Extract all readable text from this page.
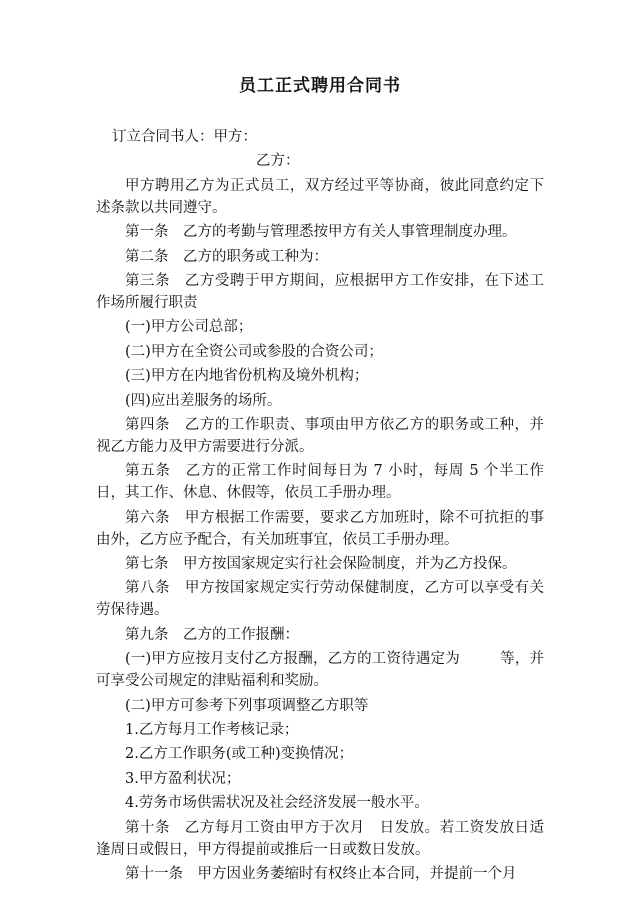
员工正式聘用合同书
订立合同书人：甲方：
乙方：
甲方聘用乙方为正式员工，双方经过平等协商，彼此同意约定下述条款以共同遵守。
第一条　乙方的考勤与管理悉按甲方有关人事管理制度办理。
第二条　乙方的职务或工种为：
第三条　乙方受聘于甲方期间，应根据甲方工作安排，在下述工作场所履行职责
(一)甲方公司总部；
(二)甲方在全资公司或参股的合资公司；
(三)甲方在内地省份机构及境外机构；
(四)应出差服务的场所。
第四条　乙方的工作职责、事项由甲方依乙方的职务或工种，并视乙方能力及甲方需要进行分派。
第五条　乙方的正常工作时间每日为 7 小时，每周 5 个半工作日，其工作、休息、休假等，依员工手册办理。
第六条　甲方根据工作需要，要求乙方加班时，除不可抗拒的事由外，乙方应予配合，有关加班事宜，依员工手册办理。
第七条　甲方按国家规定实行社会保险制度，并为乙方投保。
第八条　甲方按国家规定实行劳动保健制度，乙方可以享受有关劳保待遇。
第九条　乙方的工作报酬：
(一)甲方应按月支付乙方报酬，乙方的工资待遇定为	等，并可享受公司规定的津贴福利和奖励。
(二)甲方可参考下列事项调整乙方职等
1.乙方每月工作考核记录；
2.乙方工作职务(或工种)变换情况；
3.甲方盈利状况；
4.劳务市场供需状况及社会经济发展一般水平。
第十条　乙方每月工资由甲方于次月　日发放。若工资发放日适逢周日或假日，甲方得提前或推后一日或数日发放。
第十一条　甲方因业务萎缩时有权终止本合同，并提前一个月
